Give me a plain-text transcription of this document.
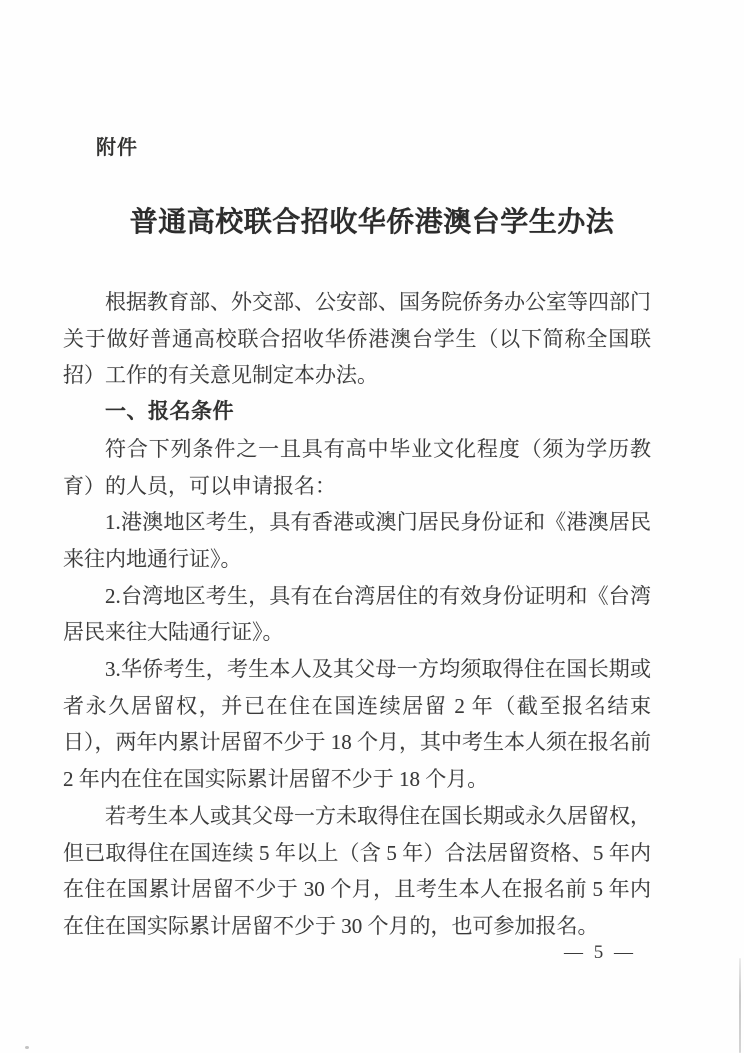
附件
普通高校联合招收华侨港澳台学生办法

根据教育部、外交部、公安部、国务院侨务办公室等四部门关于做好普通高校联合招收华侨港澳台学生（以下简称全国联招）工作的有关意见制定本办法。

一、报名条件

符合下列条件之一且具有高中毕业文化程度（须为学历教育）的人员，可以申请报名：

1.港澳地区考生，具有香港或澳门居民身份证和《港澳居民来往内地通行证》。

2.台湾地区考生，具有在台湾居住的有效身份证明和《台湾居民来往大陆通行证》。

3.华侨考生，考生本人及其父母一方均须取得住在国长期或者永久居留权，并已在住在国连续居留 2 年（截至报名结束日），两年内累计居留不少于 18 个月，其中考生本人须在报名前 2 年内在住在国实际累计居留不少于 18 个月。

若考生本人或其父母一方未取得住在国长期或永久居留权，但已取得住在国连续 5 年以上（含 5 年）合法居留资格、5 年内在住在国累计居留不少于 30 个月，且考生本人在报名前 5 年内在住在国实际累计居留不少于 30 个月的，也可参加报名。

— 5 —
